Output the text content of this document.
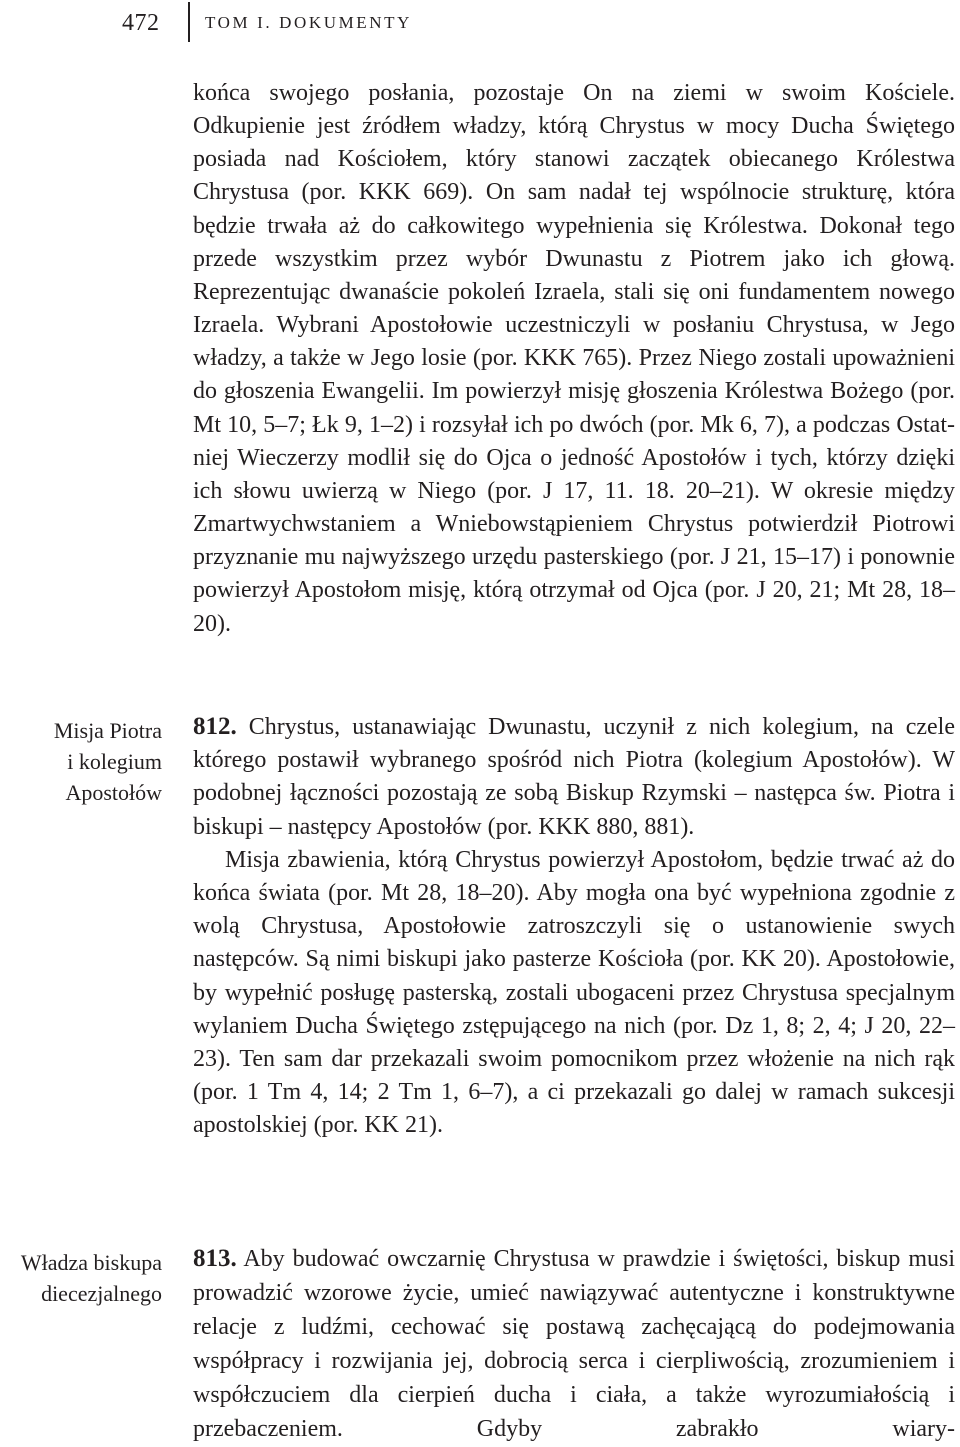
472	TOM I. DOKUMENTY
Misja Piotra
i kolegium
Apostołów
Władza biskupa
diecezjalnego

końca swojego posłania, pozostaje On na ziemi w swoim Kościele. Odkupienie jest źródłem władzy, którą Chrystus w mocy Ducha Świętego posiada nad Kościołem, który stanowi zaczątek obiecanego Królestwa Chrystusa (por. KKK 669). On sam nadał tej wspólnocie strukturę, która będzie trwała aż do całkowitego wypełnienia się Królestwa. Dokonał tego przede wszystkim przez wybór Dwunastu z Piotrem jako ich głową. Reprezentując dwanaście pokoleń Izraela, stali się oni fundamentem nowego Izraela. Wybrani Apostołowie uczestniczyli w posłaniu Chrystusa, w Jego władzy, a także w Jego losie (por. KKK 765). Przez Niego zostali upoważnieni do głoszenia Ewangelii. Im powierzył misję głoszenia Królestwa Bożego (por. Mt 10, 5–7; Łk 9, 1–2) i rozsyłał ich po dwóch (por. Mk 6, 7), a podczas Ostatniej Wieczerzy modlił się do Ojca o jedność Apostołów i tych, którzy dzięki ich słowu uwierzą w Niego (por. J 17, 11. 18. 20–21). W okresie między Zmartwychwstaniem a Wniebowstąpieniem Chrystus potwierdził Piotrowi przyznanie mu najwyższego urzędu pasterskiego (por. J 21, 15–17) i ponownie powierzył Apostołom misję, którą otrzymał od Ojca (por. J 20, 21; Mt 28, 18–20).

812. Chrystus, ustanawiając Dwunastu, uczynił z nich kolegium, na czele którego postawił wybranego spośród nich Piotra (kolegium Apostołów). W podobnej łączności pozostają ze sobą Biskup Rzymski – następca św. Piotra i biskupi – następcy Apostołów (por. KKK 880, 881).

Misja zbawienia, którą Chrystus powierzył Apostołom, będzie trwać aż do końca świata (por. Mt 28, 18–20). Aby mogła ona być wypełniona zgodnie z wolą Chrystusa, Apostołowie zatroszczyli się o ustanowienie swych następców. Są nimi biskupi jako pasterze Kościoła (por. KK 20). Apostołowie, by wypełnić posługę pasterską, zostali ubogaceni przez Chrystusa specjalnym wylaniem Ducha Świętego zstępującego na nich (por. Dz 1, 8; 2, 4; J 20, 22–23). Ten sam dar przekazali swoim pomocnikom przez włożenie na nich rąk (por. 1 Tm 4, 14; 2 Tm 1, 6–7), a ci przekazali go dalej w ramach sukcesji apostolskiej (por. KK 21).

813. Aby budować owczarnię Chrystusa w prawdzie i świętości, biskup musi prowadzić wzorowe życie, umieć nawiązywać autentyczne i konstruktywne relacje z ludźmi, cechować się postawą zachęcającą do podejmowania współpracy i rozwijania jej, dobrocią serca i cierpliwością, zrozumieniem i współczuciem dla cierpień ducha i ciała, a także wyrozumiałością i przebaczeniem. Gdyby zabrakło wiary-
